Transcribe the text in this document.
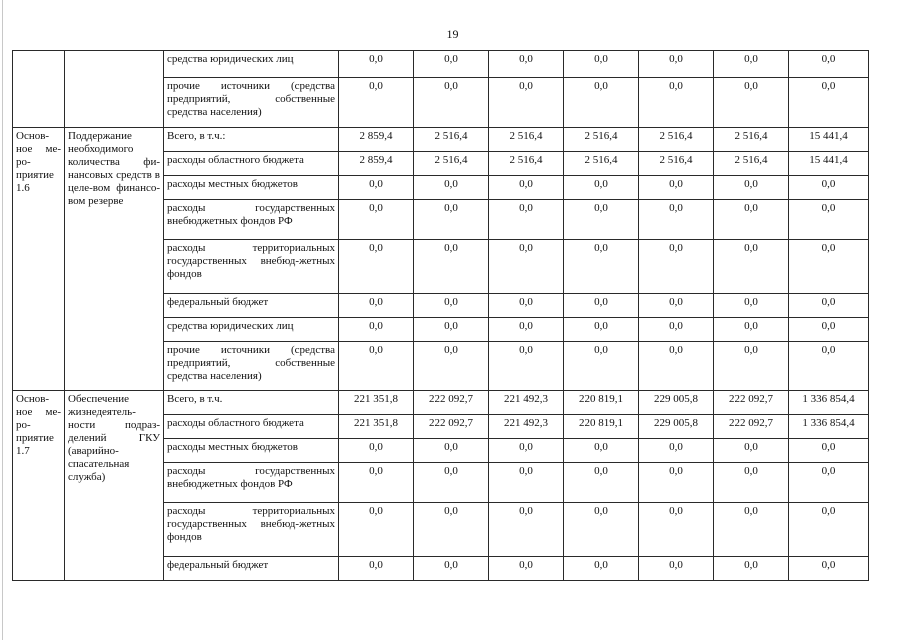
19
		средства юридических лиц	0,0	0,0	0,0	0,0	0,0	0,0	0,0
		прочие источники (средства предприятий, собственные средства населения)	0,0	0,0	0,0	0,0	0,0	0,0	0,0
Основ-ное ме-ро-приятие 1.6	Поддержание необходимого количества фи-нансовых средств в целе-вом финансо-вом резерве	Всего, в т.ч.:	2 859,4	2 516,4	2 516,4	2 516,4	2 516,4	2 516,4	15 441,4
		расходы областного бюджета	2 859,4	2 516,4	2 516,4	2 516,4	2 516,4	2 516,4	15 441,4
		расходы местных бюджетов	0,0	0,0	0,0	0,0	0,0	0,0	0,0
		расходы государственных внебюджетных фондов РФ	0,0	0,0	0,0	0,0	0,0	0,0	0,0
		расходы территориальных государственных внебюд-жетных фондов	0,0	0,0	0,0	0,0	0,0	0,0	0,0
		федеральный бюджет	0,0	0,0	0,0	0,0	0,0	0,0	0,0
		средства юридических лиц	0,0	0,0	0,0	0,0	0,0	0,0	0,0
		прочие источники (средства предприятий, собственные средства населения)	0,0	0,0	0,0	0,0	0,0	0,0	0,0
Основ-ное ме-ро-приятие 1.7	Обеспечение жизнедеятель-ности подраз-делений ГКУ (аварийно-спасательная служба)	Всего, в т.ч.	221 351,8	222 092,7	221 492,3	220 819,1	229 005,8	222 092,7	1 336 854,4
		расходы областного бюджета	221 351,8	222 092,7	221 492,3	220 819,1	229 005,8	222 092,7	1 336 854,4
		расходы местных бюджетов	0,0	0,0	0,0	0,0	0,0	0,0	0,0
		расходы государственных внебюджетных фондов РФ	0,0	0,0	0,0	0,0	0,0	0,0	0,0
		расходы территориальных государственных внебюд-жетных фондов	0,0	0,0	0,0	0,0	0,0	0,0	0,0
		федеральный бюджет	0,0	0,0	0,0	0,0	0,0	0,0	0,0
